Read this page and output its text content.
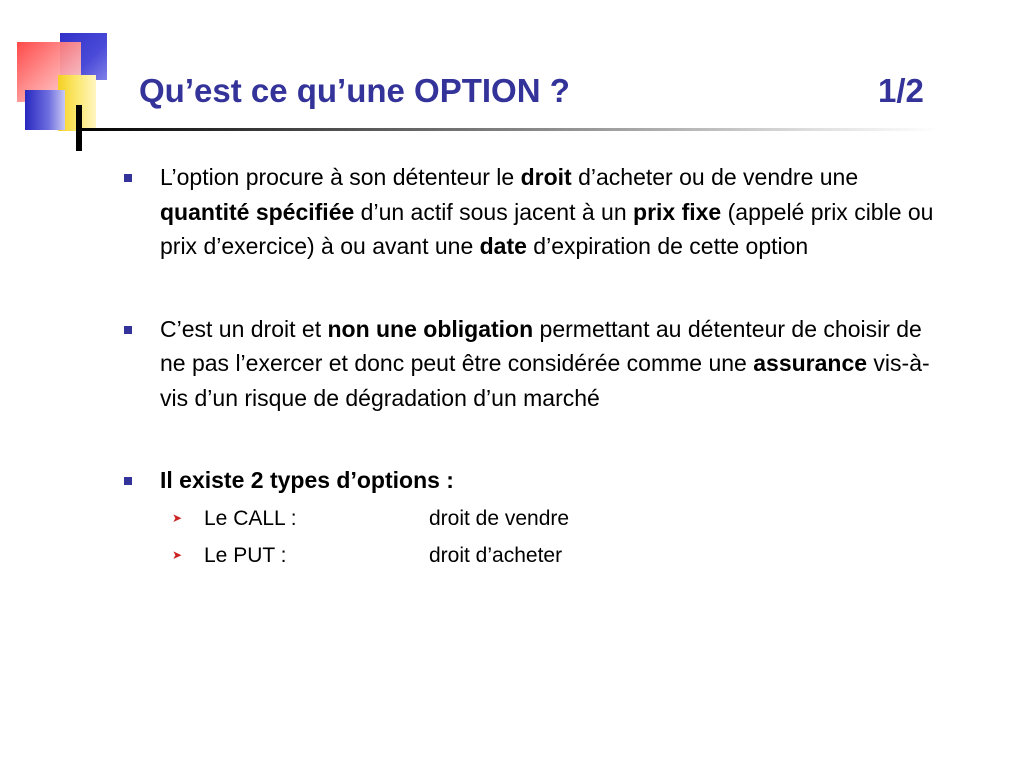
Qu’est ce qu’une OPTION ?	1/2
L’option procure à son détenteur le droit d’acheter ou de vendre une quantité spécifiée d’un actif sous jacent à un prix fixe (appelé prix cible ou prix d’exercice) à ou avant une date d’expiration de cette option
C’est un droit et non une obligation permettant au détenteur de choisir de ne pas l’exercer et donc peut être considérée comme une assurance vis-à-vis d’un risque de dégradation d’un marché
Il existe 2 types d’options :
➤ Le CALL :	droit de vendre
➤ Le PUT :	droit d’acheter
